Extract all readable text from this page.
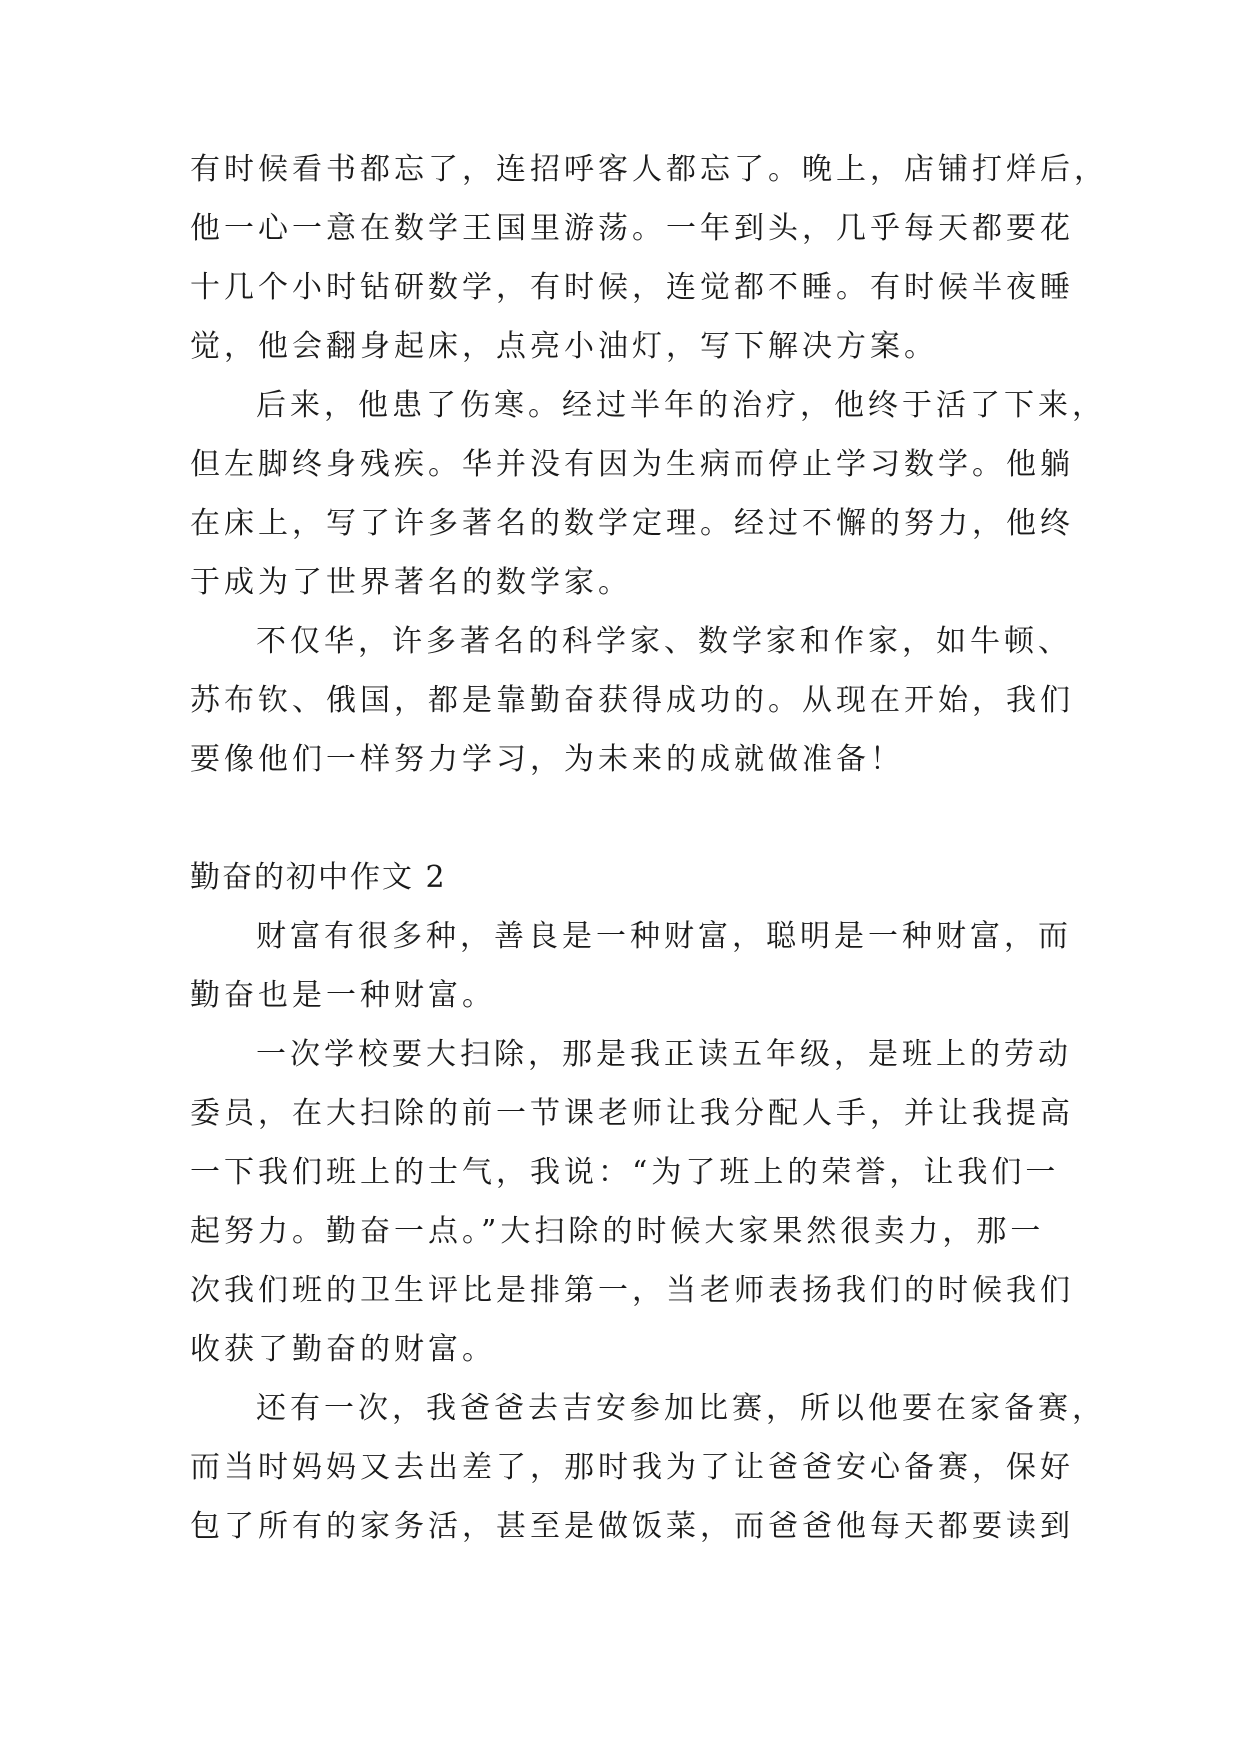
有时候看书都忘了，连招呼客人都忘了。晚上，店铺打烊后，
他一心一意在数学王国里游荡。一年到头，几乎每天都要花
十几个小时钻研数学，有时候，连觉都不睡。有时候半夜睡
觉，他会翻身起床，点亮小油灯，写下解决方案。
后来，他患了伤寒。经过半年的治疗，他终于活了下来，
但左脚终身残疾。华并没有因为生病而停止学习数学。他躺
在床上，写了许多著名的数学定理。经过不懈的努力，他终
于成为了世界著名的数学家。
不仅华，许多著名的科学家、数学家和作家，如牛顿、
苏布钦、俄国，都是靠勤奋获得成功的。从现在开始，我们
要像他们一样努力学习，为未来的成就做准备！
勤奋的初中作文 2
财富有很多种，善良是一种财富，聪明是一种财富，而
勤奋也是一种财富。
一次学校要大扫除，那是我正读五年级，是班上的劳动
委员，在大扫除的前一节课老师让我分配人手，并让我提高
一下我们班上的士气，我说：“为了班上的荣誉，让我们一
起努力。勤奋一点。”大扫除的时候大家果然很卖力，那一
次我们班的卫生评比是排第一，当老师表扬我们的时候我们
收获了勤奋的财富。
还有一次，我爸爸去吉安参加比赛，所以他要在家备赛，
而当时妈妈又去出差了，那时我为了让爸爸安心备赛，保好
包了所有的家务活，甚至是做饭菜，而爸爸他每天都要读到
